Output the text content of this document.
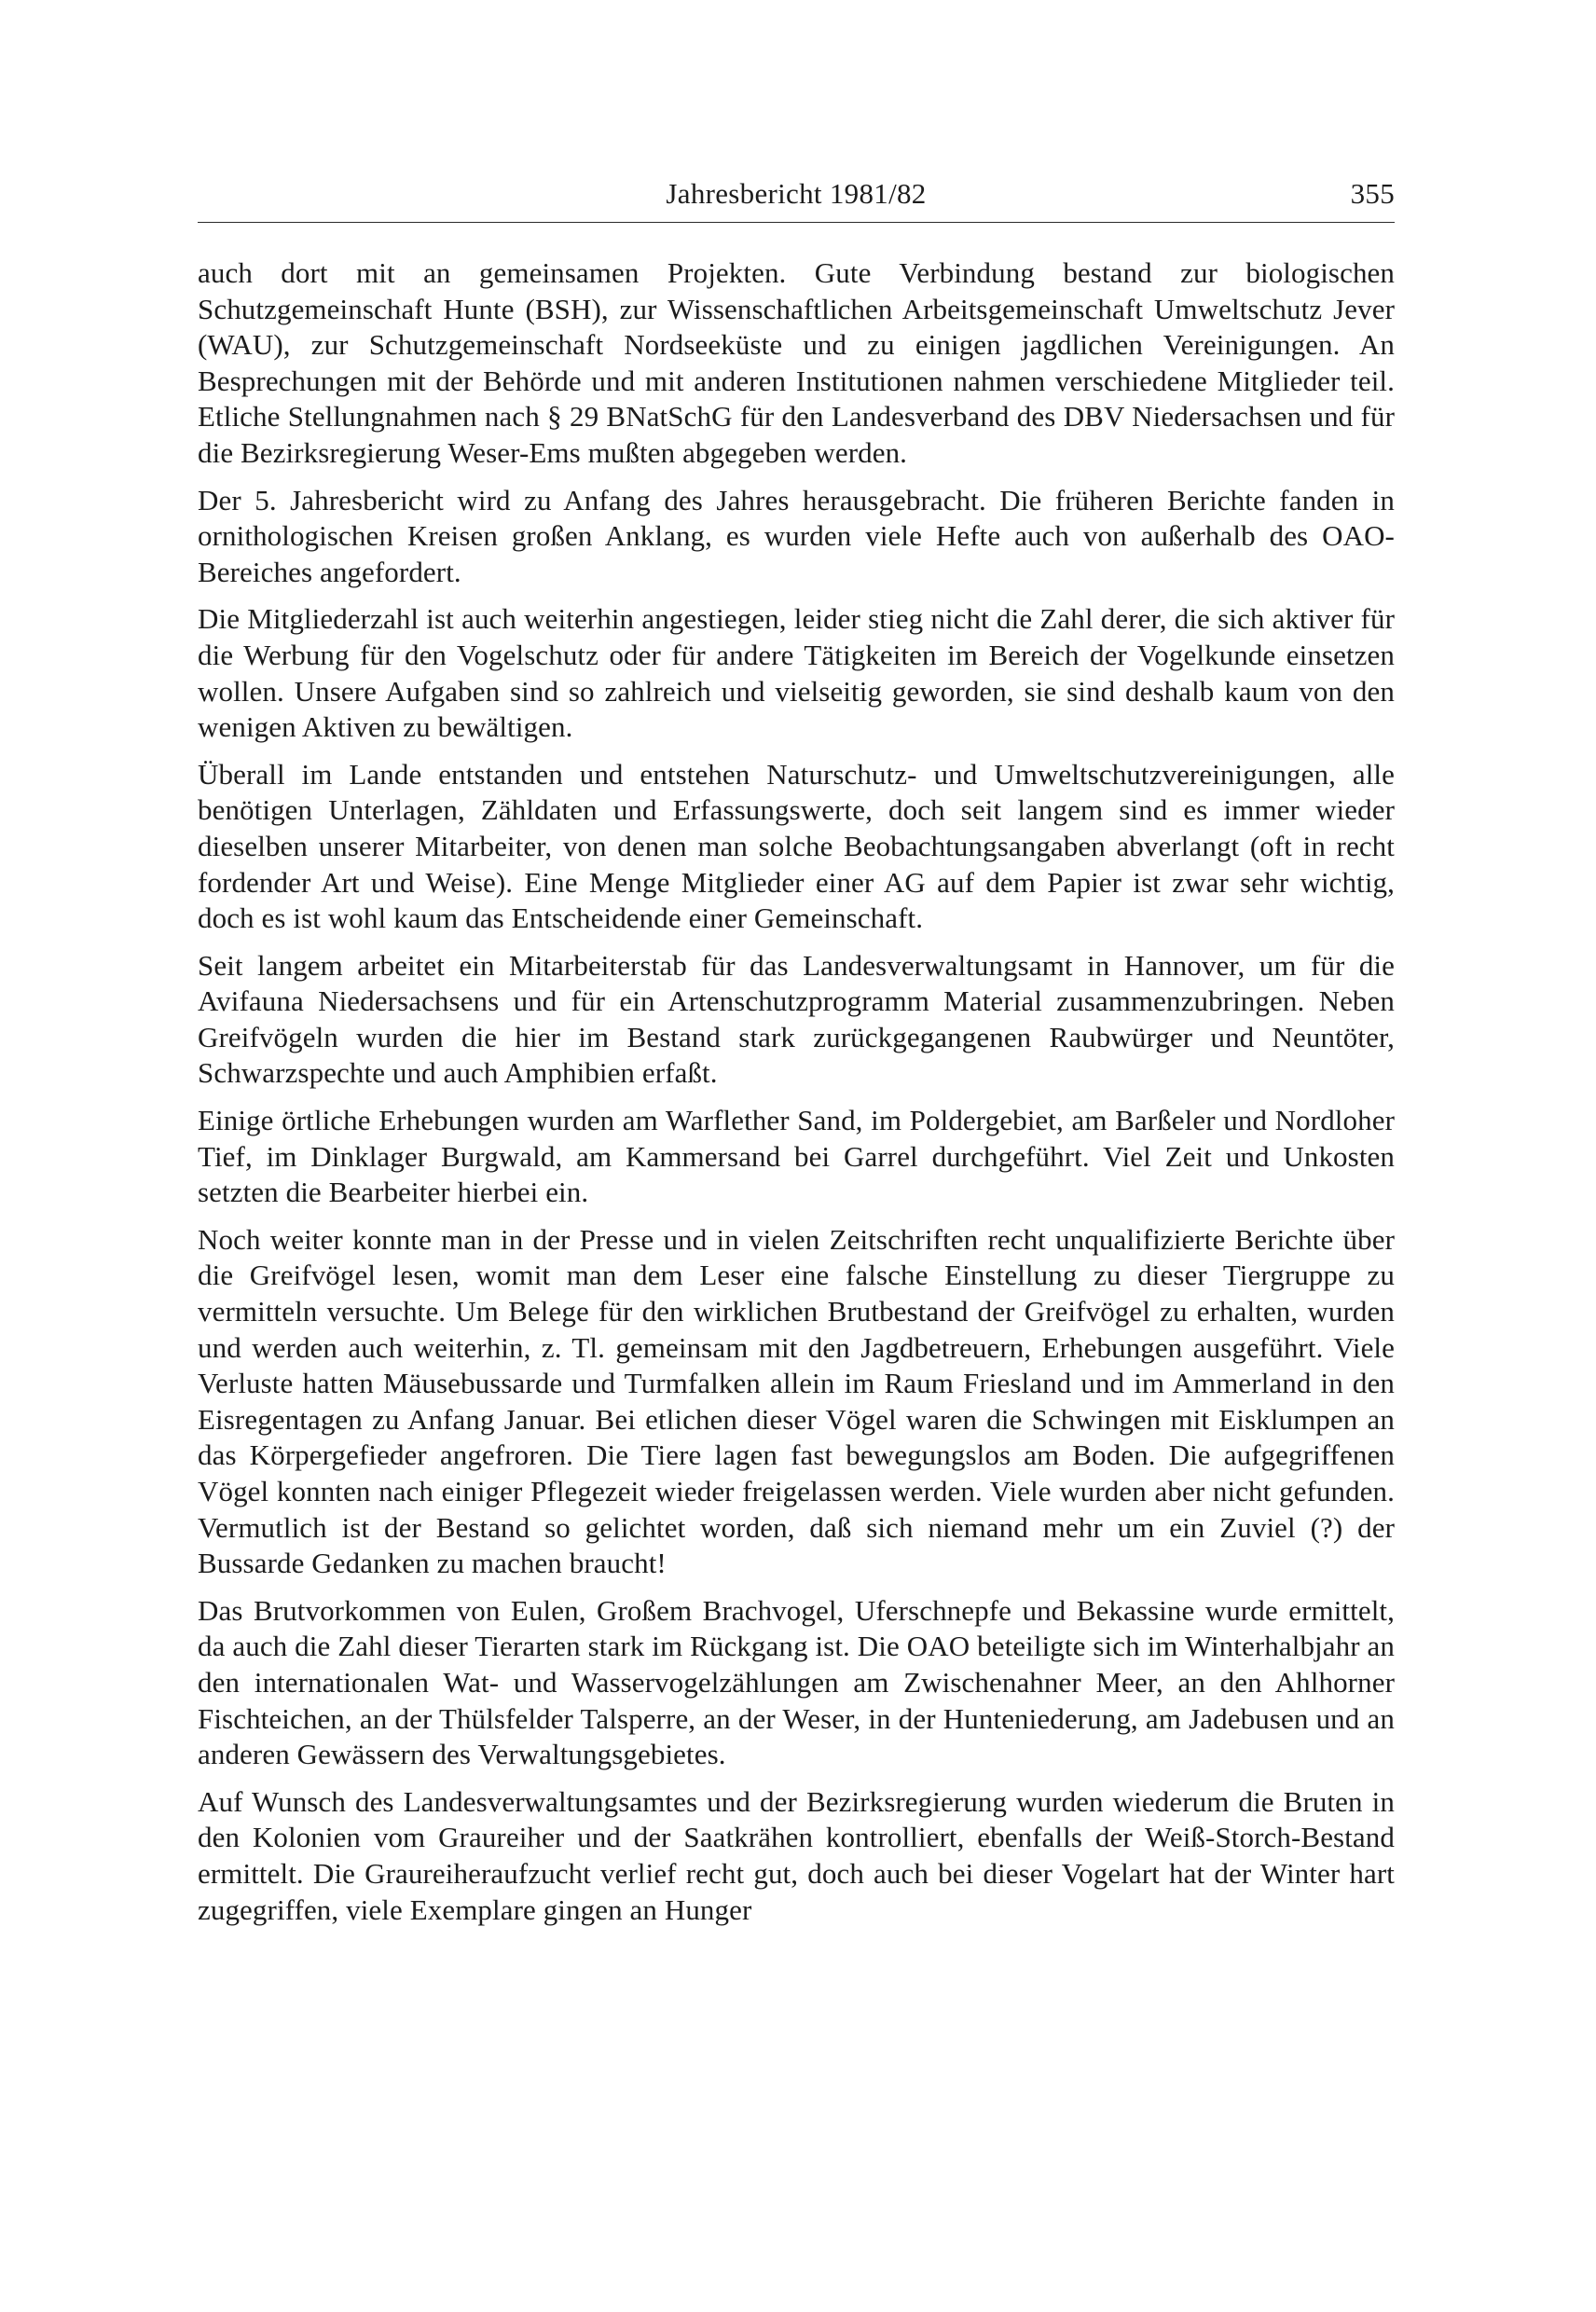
Jahresbericht 1981/82	355

auch dort mit an gemeinsamen Projekten. Gute Verbindung bestand zur biologischen Schutzgemeinschaft Hunte (BSH), zur Wissenschaftlichen Arbeitsgemeinschaft Umweltschutz Jever (WAU), zur Schutzgemeinschaft Nordseeküste und zu einigen jagdlichen Vereinigungen. An Besprechungen mit der Behörde und mit anderen Institutionen nahmen verschiedene Mitglieder teil. Etliche Stellungnahmen nach § 29 BNatSchG für den Landesverband des DBV Niedersachsen und für die Bezirksregierung Weser-Ems mußten abgegeben werden.

Der 5. Jahresbericht wird zu Anfang des Jahres herausgebracht. Die früheren Berichte fanden in ornithologischen Kreisen großen Anklang, es wurden viele Hefte auch von außerhalb des OAO-Bereiches angefordert.

Die Mitgliederzahl ist auch weiterhin angestiegen, leider stieg nicht die Zahl derer, die sich aktiver für die Werbung für den Vogelschutz oder für andere Tätigkeiten im Bereich der Vogelkunde einsetzen wollen. Unsere Aufgaben sind so zahlreich und vielseitig geworden, sie sind deshalb kaum von den wenigen Aktiven zu bewältigen.

Überall im Lande entstanden und entstehen Naturschutz- und Umweltschutzvereinigungen, alle benötigen Unterlagen, Zähldaten und Erfassungswerte, doch seit langem sind es immer wieder dieselben unserer Mitarbeiter, von denen man solche Beobachtungsangaben abverlangt (oft in recht fordender Art und Weise). Eine Menge Mitglieder einer AG auf dem Papier ist zwar sehr wichtig, doch es ist wohl kaum das Entscheidende einer Gemeinschaft.

Seit langem arbeitet ein Mitarbeiterstab für das Landesverwaltungsamt in Hannover, um für die Avifauna Niedersachsens und für ein Artenschutzprogramm Material zusammenzubringen. Neben Greifvögeln wurden die hier im Bestand stark zurückgegangenen Raubwürger und Neuntöter, Schwarzspechte und auch Amphibien erfaßt.

Einige örtliche Erhebungen wurden am Warflether Sand, im Poldergebiet, am Barßeler und Nordloher Tief, im Dinklager Burgwald, am Kammersand bei Garrel durchgeführt. Viel Zeit und Unkosten setzten die Bearbeiter hierbei ein.

Noch weiter konnte man in der Presse und in vielen Zeitschriften recht unqualifizierte Berichte über die Greifvögel lesen, womit man dem Leser eine falsche Einstellung zu dieser Tiergruppe zu vermitteln versuchte. Um Belege für den wirklichen Brutbestand der Greifvögel zu erhalten, wurden und werden auch weiterhin, z. Tl. gemeinsam mit den Jagdbetreuern, Erhebungen ausgeführt. Viele Verluste hatten Mäusebussarde und Turmfalken allein im Raum Friesland und im Ammerland in den Eisregentagen zu Anfang Januar. Bei etlichen dieser Vögel waren die Schwingen mit Eisklumpen an das Körpergefieder angefroren. Die Tiere lagen fast bewegungslos am Boden. Die aufgegriffenen Vögel konnten nach einiger Pflegezeit wieder freigelassen werden. Viele wurden aber nicht gefunden. Vermutlich ist der Bestand so gelichtet worden, daß sich niemand mehr um ein Zuviel (?) der Bussarde Gedanken zu machen braucht!

Das Brutvorkommen von Eulen, Großem Brachvogel, Uferschnepfe und Bekassine wurde ermittelt, da auch die Zahl dieser Tierarten stark im Rückgang ist. Die OAO beteiligte sich im Winterhalbjahr an den internationalen Wat- und Wasservogelzählungen am Zwischenahner Meer, an den Ahlhorner Fischteichen, an der Thülsfelder Talsperre, an der Weser, in der Hunteniederung, am Jadebusen und an anderen Gewässern des Verwaltungsgebietes.

Auf Wunsch des Landesverwaltungsamtes und der Bezirksregierung wurden wiederum die Bruten in den Kolonien vom Graureiher und der Saatkrähen kontrolliert, ebenfalls der Weiß-Storch-Bestand ermittelt. Die Graureiheraufzucht verlief recht gut, doch auch bei dieser Vogelart hat der Winter hart zugegriffen, viele Exemplare gingen an Hunger
